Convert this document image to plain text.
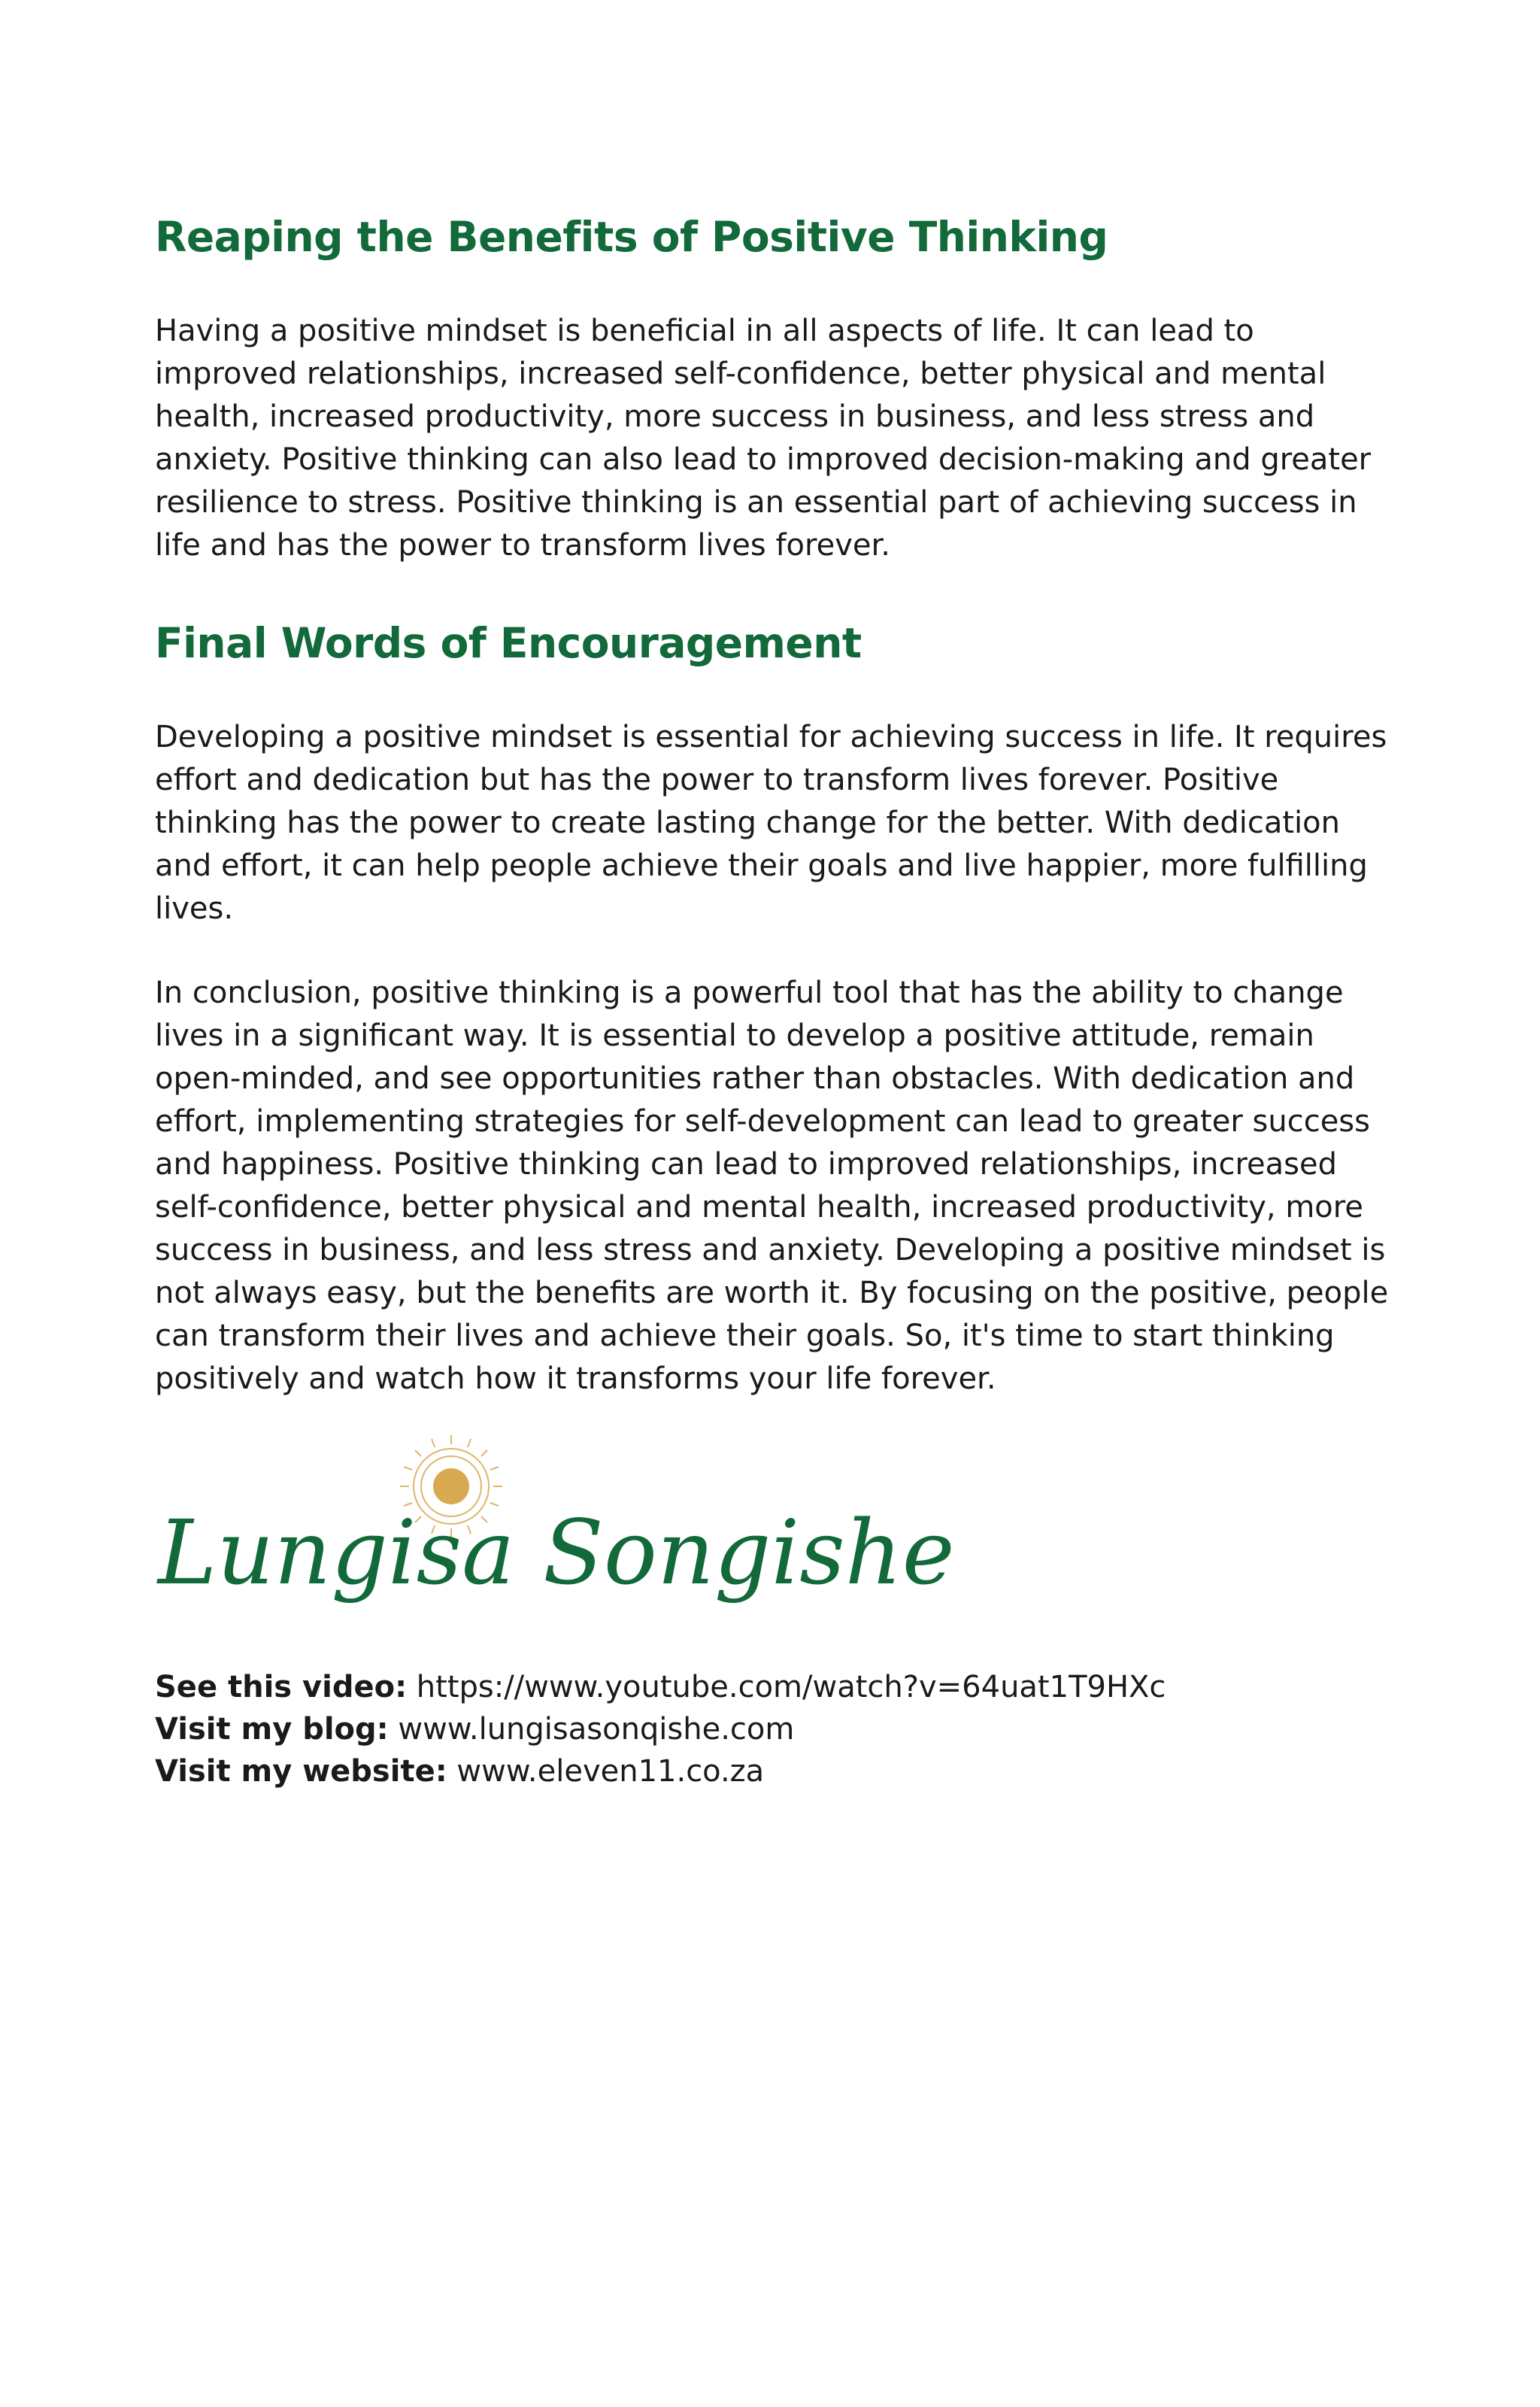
Reaping the Benefits of Positive Thinking

Having a positive mindset is beneficial in all aspects of life. It can lead to improved relationships, increased self-confidence, better physical and mental health, increased productivity, more success in business, and less stress and anxiety. Positive thinking can also lead to improved decision-making and greater resilience to stress. Positive thinking is an essential part of achieving success in life and has the power to transform lives forever.

Final Words of Encouragement

Developing a positive mindset is essential for achieving success in life. It requires effort and dedication but has the power to transform lives forever. Positive thinking has the power to create lasting change for the better. With dedication and effort, it can help people achieve their goals and live happier, more fulfilling lives.

In conclusion, positive thinking is a powerful tool that has the ability to change lives in a significant way. It is essential to develop a positive attitude, remain open-minded, and see opportunities rather than obstacles. With dedication and effort, implementing strategies for self-development can lead to greater success and happiness. Positive thinking can lead to improved relationships, increased self-confidence, better physical and mental health, increased productivity, more success in business, and less stress and anxiety. Developing a positive mindset is not always easy, but the benefits are worth it. By focusing on the positive, people can transform their lives and achieve their goals. So, it's time to start thinking positively and watch how it transforms your life forever.

Lungisa Songishe
See this video: https://www.youtube.com/watch?v=64uat1T9HXc
Visit my blog: www.lungisasonqishe.com
Visit my website: www.eleven11.co.za
